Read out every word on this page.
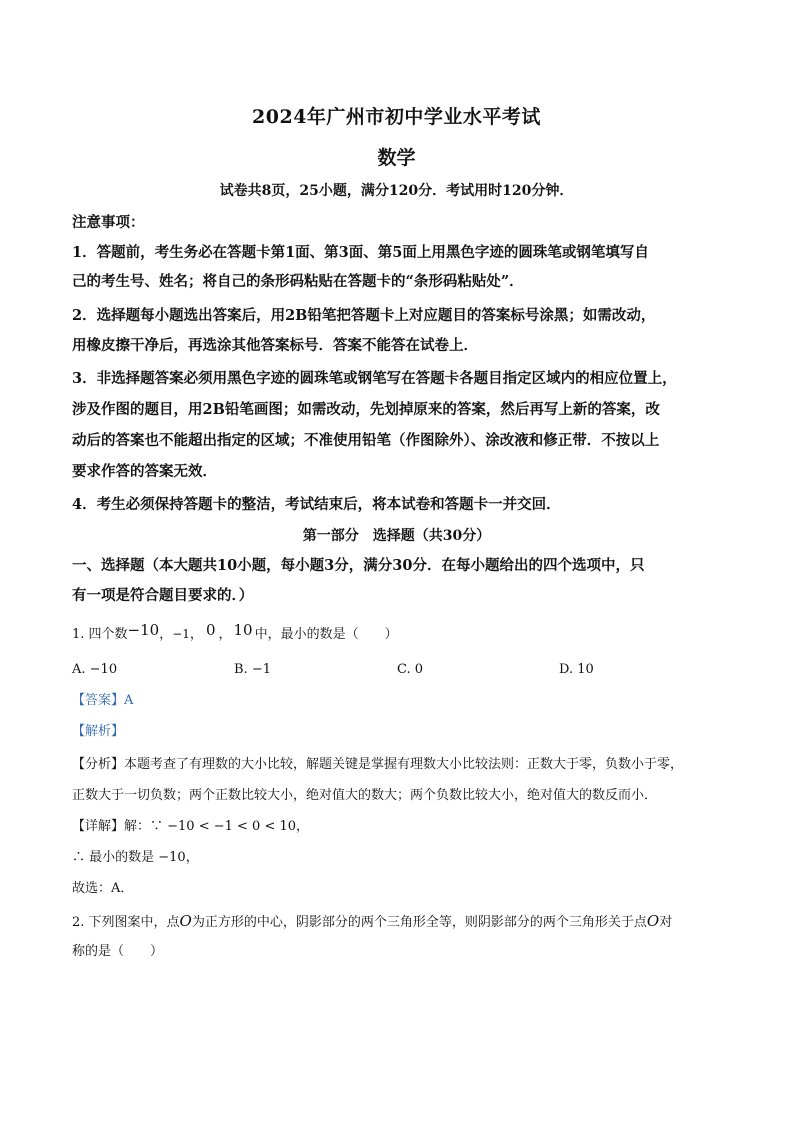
2024年广州市初中学业水平考试
数学
试卷共8页，25小题，满分120分．考试用时120分钟．
注意事项：
1．答题前，考生务必在答题卡第1面、第3面、第5面上用黑色字迹的圆珠笔或钢笔填写自
己的考生号、姓名；将自己的条形码粘贴在答题卡的“条形码粘贴处”．
2．选择题每小题选出答案后，用2B铅笔把答题卡上对应题目的答案标号涂黑；如需改动，
用橡皮擦干净后，再选涂其他答案标号．答案不能答在试卷上．
3．非选择题答案必须用黑色字迹的圆珠笔或钢笔写在答题卡各题目指定区域内的相应位置上，
涉及作图的题目，用2B铅笔画图；如需改动，先划掉原来的答案，然后再写上新的答案，改
动后的答案也不能超出指定的区域；不准使用铅笔（作图除外）、涂改液和修正带．不按以上
要求作答的答案无效．
4．考生必须保持答题卡的整洁，考试结束后，将本试卷和答题卡一并交回．
第一部分　选择题（共30分）
一、选择题（本大题共10小题，每小题3分，满分30分．在每小题给出的四个选项中，只
有一项是符合题目要求的．）
1. 四个数−10，−1， 0 ， 10 中，最小的数是（　　）
A. −10	B. −1	C. 0	D. 10
【答案】A
【解析】
【分析】本题考查了有理数的大小比较，解题关键是掌握有理数大小比较法则：正数大于零，负数小于零，
正数大于一切负数；两个正数比较大小，绝对值大的数大；两个负数比较大小，绝对值大的数反而小．
【详解】解：∵ −10 < −1 < 0 < 10，
∴ 最小的数是 −10，
故选：A．
2. 下列图案中，点O为正方形的中心，阴影部分的两个三角形全等，则阴影部分的两个三角形关于点O对
称的是（　　）
